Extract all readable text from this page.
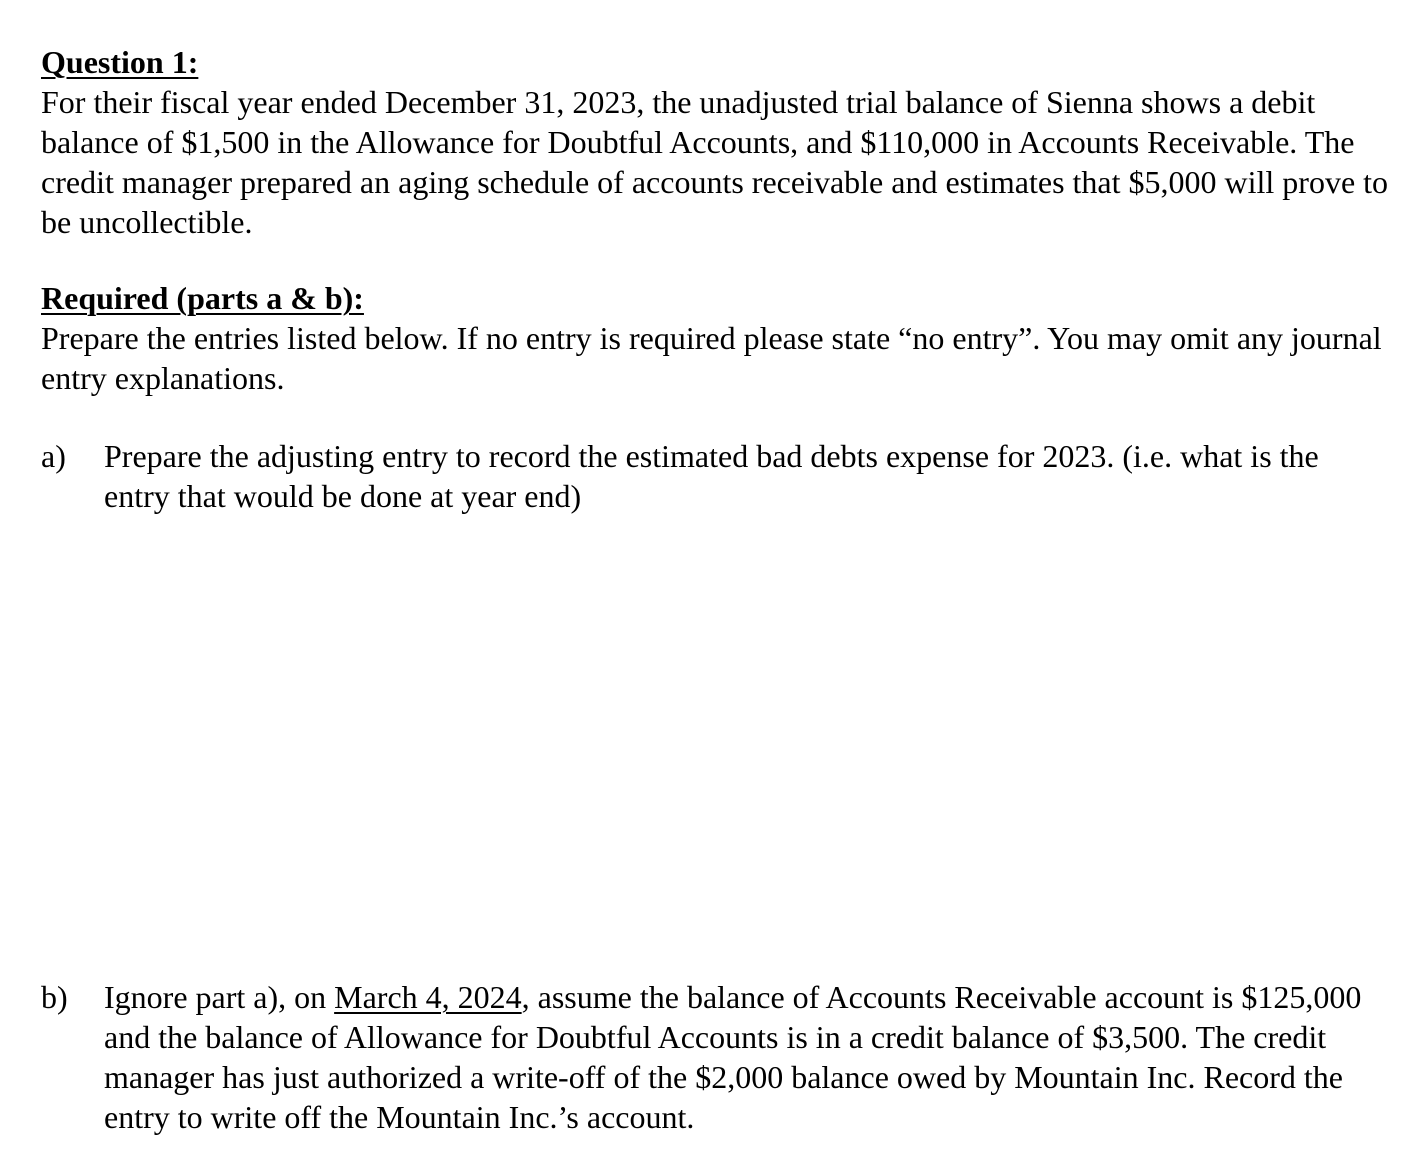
Question 1:

For their fiscal year ended December 31, 2023, the unadjusted trial balance of Sienna shows a debit balance of $1,500 in the Allowance for Doubtful Accounts, and $110,000 in Accounts Receivable. The credit manager prepared an aging schedule of accounts receivable and estimates that $5,000 will prove to be uncollectible.

Required (parts a & b):

Prepare the entries listed below. If no entry is required please state “no entry”. You may omit any journal entry explanations.

a)	Prepare the adjusting entry to record the estimated bad debts expense for 2023. (i.e. what is the entry that would be done at year end)
b)	Ignore part a), on March 4, 2024, assume the balance of Accounts Receivable account is $125,000 and the balance of Allowance for Doubtful Accounts is in a credit balance of $3,500. The credit manager has just authorized a write-off of the $2,000 balance owed by Mountain Inc. Record the entry to write off the Mountain Inc.’s account.
